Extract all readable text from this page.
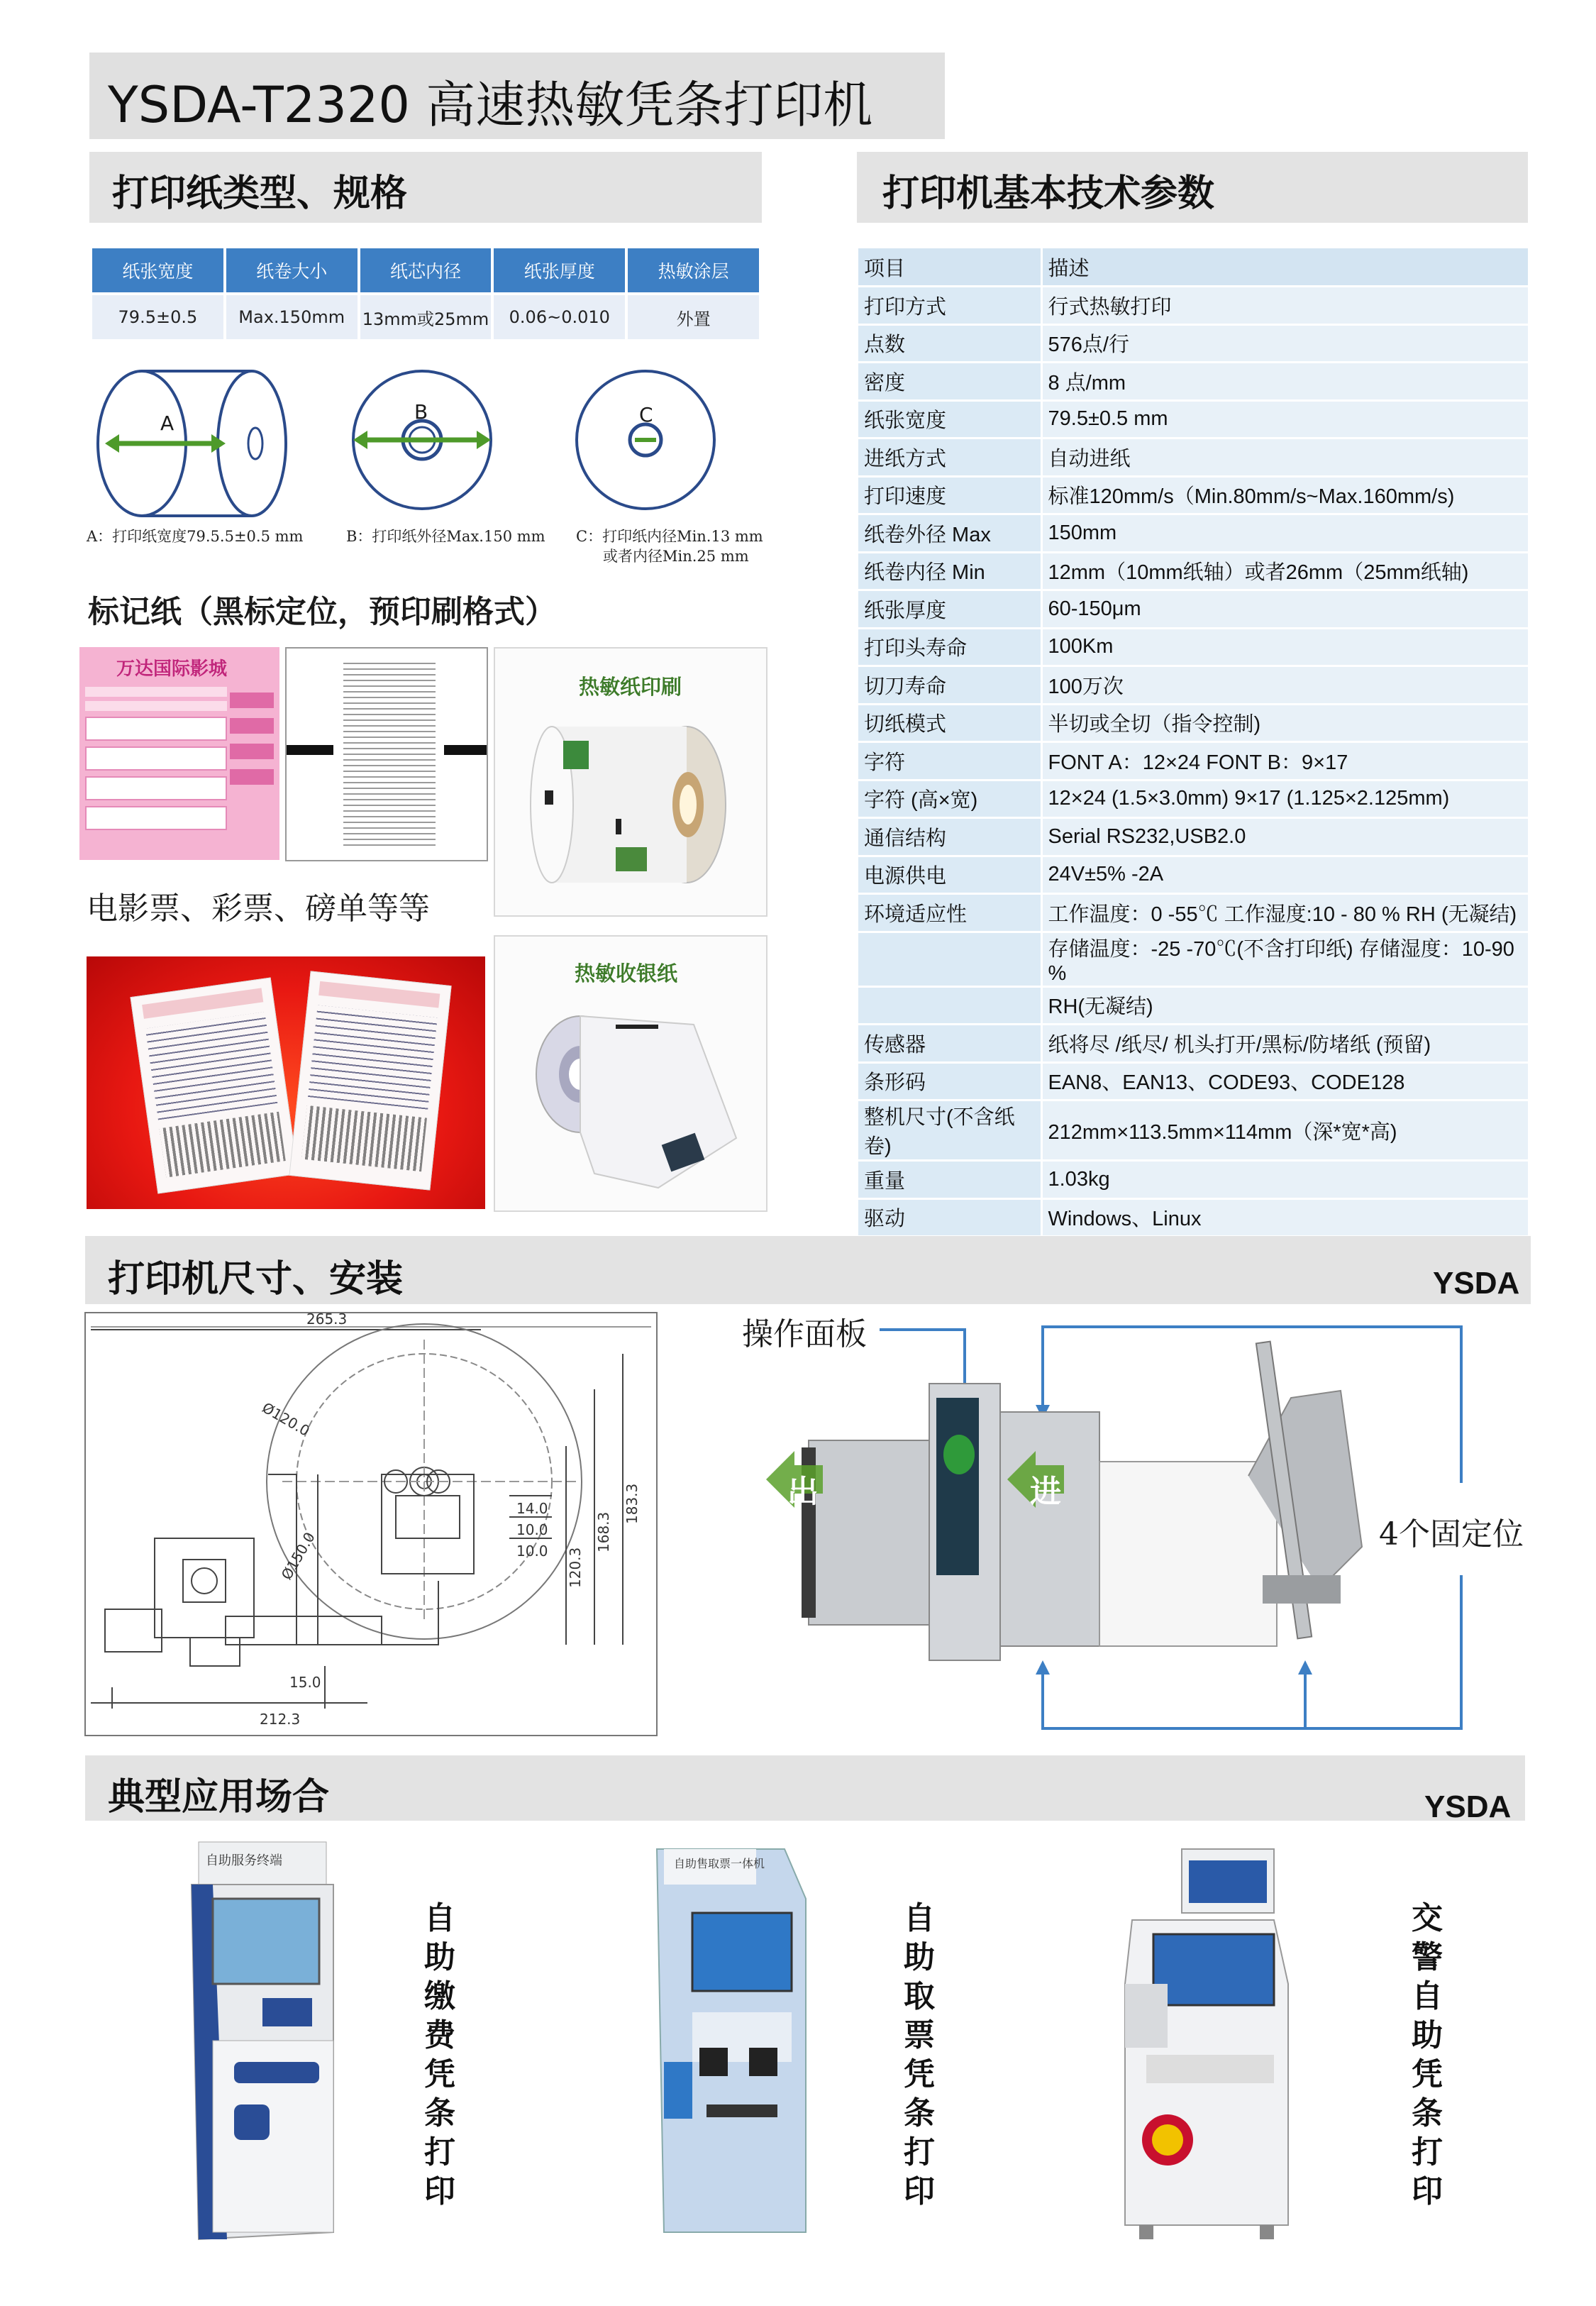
YSDA-T2320 高速热敏凭条打印机
打印纸类型、规格
纸张宽度	纸卷大小	纸芯内径	纸张厚度	热敏涂层
79.5±0.5	Max.150mm	13mm或25mm	0.06~0.010	外置
A	B	C
A：打印纸宽度79.5.5±0.5 mm	B：打印纸外径Max.150 mm C：打印纸内径Min.13 mm
或者内径Min.25 mm
标记纸（黑标定位，预印刷格式）
万达国际影城
热敏纸印刷
电影票、彩票、磅单等等
热敏收银纸
打印机基本技术参数
项目	描述
打印方式	行式热敏打印
点数	576点/行
密度	8 点/mm
纸张宽度	79.5±0.5 mm
进纸方式	自动进纸
打印速度	标准120mm/s（Min.80mm/s~Max.160mm/s)
纸卷外径 Max	150mm
纸卷内径 Min	12mm（10mm纸轴）或者26mm（25mm纸轴)
纸张厚度	60-150μm
打印头寿命	100Km
切刀寿命	100万次
切纸模式	半切或全切（指令控制)
字符	FONT A：12×24 FONT B：9×17
字符 (高×宽)	12×24 (1.5×3.0mm) 9×17 (1.125×2.125mm)
通信结构	Serial RS232,USB2.0
电源供电	24V±5% -2A
环境适应性	工作温度：0 -55℃ 工作湿度:10 - 80 % RH (无凝结)
	存储温度：-25 -70℃(不含打印纸) 存储湿度：10-90 %
	RH(无凝结)
传感器	纸将尽 /纸尽/ 机头打开/黑标/防堵纸 (预留)
条形码	EAN8、EAN13、CODE93、CODE128
整机尺寸(不含纸卷)	212mm×113.5mm×114mm（深*宽*高)
重量	1.03kg
驱动	Windows、Linux

打印机尺寸、安装	YSDA
265.3
Ø120.0
Ø150.0
14.0
10.0
10.0 120.3
168.3
183.3
212.3
15.0
操作面板
出	进
4个固定位
典型应用场合	YSDA
自助服务终端
自助缴费凭条打印
自助售取票一体机
自助取票凭条打印
交警自助凭条打印
